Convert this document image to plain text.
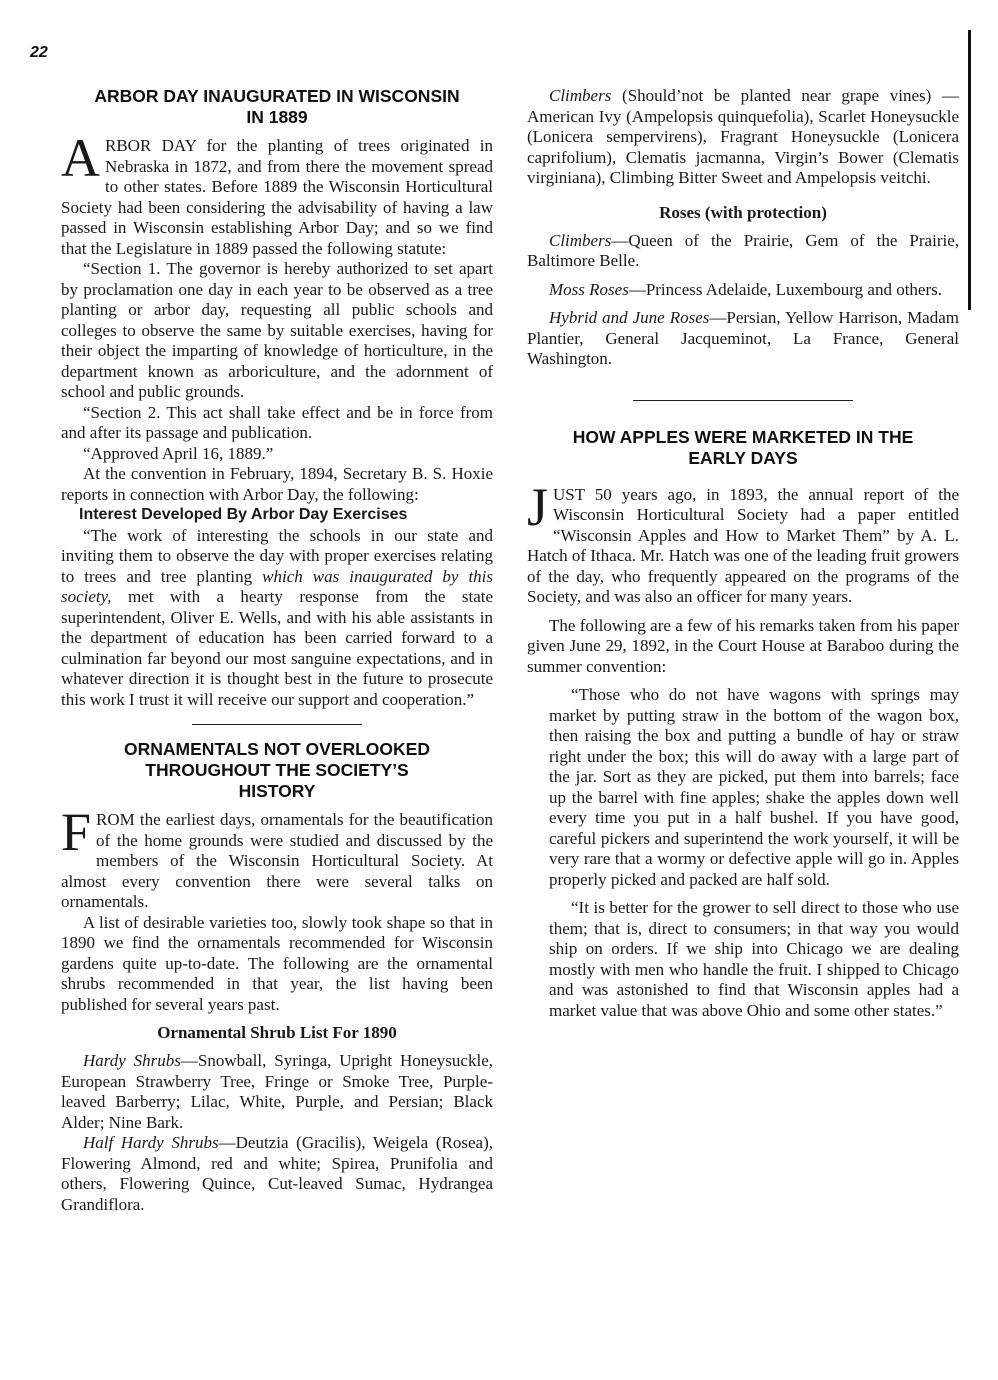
22
ARBOR DAY INAUGURATED IN WISCONSIN
IN 1889

ARBOR DAY for the planting of trees originated in Nebraska in 1872, and from there the movement spread to other states. Before 1889 the Wisconsin Horticultural Society had been considering the advisability of having a law passed in Wisconsin establishing Arbor Day; and so we find that the Legislature in 1889 passed the following statute:

“Section 1. The governor is hereby authorized to set apart by proclamation one day in each year to be observed as a tree planting or arbor day, requesting all public schools and colleges to observe the same by suitable exercises, having for their object the imparting of knowledge of horticulture, in the department known as arboriculture, and the adornment of school and public grounds.

“Section 2. This act shall take effect and be in force from and after its passage and publication.

“Approved April 16, 1889.”

At the convention in February, 1894, Secretary B. S. Hoxie reports in connection with Arbor Day, the following:

Interest Developed By Arbor Day Exercises

“The work of interesting the schools in our state and inviting them to observe the day with proper exercises relating to trees and tree planting which was inaugurated by this society, met with a hearty response from the state superintendent, Oliver E. Wells, and with his able assistants in the department of education has been carried forward to a culmination far beyond our most sanguine expectations, and in whatever direction it is thought best in the future to prosecute this work I trust it will receive our support and cooperation.”

ORNAMENTALS NOT OVERLOOKED
THROUGHOUT THE SOCIETY’S
HISTORY

FROM the earliest days, ornamentals for the beautification of the home grounds were studied and discussed by the members of the Wisconsin Horticultural Society. At almost every convention there were several talks on ornamentals.

A list of desirable varieties too, slowly took shape so that in 1890 we find the ornamentals recommended for Wisconsin gardens quite up-to-date. The following are the ornamental shrubs recommended in that year, the list having been published for several years past.

Ornamental Shrub List For 1890

Hardy Shrubs—Snowball, Syringa, Upright Honeysuckle, European Strawberry Tree, Fringe or Smoke Tree, Purple-leaved Barberry; Lilac, White, Purple, and Persian; Black Alder; Nine Bark.

Half Hardy Shrubs—Deutzia (Gracilis), Weigela (Rosea), Flowering Almond, red and white; Spirea, Prunifolia and others, Flowering Quince, Cut-leaved Sumac, Hydrangea Grandiflora.

Climbers (Should’not be planted near grape vines) —American Ivy (Ampelopsis quinquefolia), Scarlet Honeysuckle (Lonicera sempervirens), Fragrant Honeysuckle (Lonicera caprifolium), Clematis jacmanna, Virgin’s Bower (Clematis virginiana), Climbing Bitter Sweet and Ampelopsis veitchi.

Roses (with protection)

Climbers—Queen of the Prairie, Gem of the Prairie, Baltimore Belle.

Moss Roses—Princess Adelaide, Luxembourg and others.

Hybrid and June Roses—Persian, Yellow Harrison, Madam Plantier, General Jacqueminot, La France, General Washington.

HOW APPLES WERE MARKETED IN THE
EARLY DAYS

JUST 50 years ago, in 1893, the annual report of the Wisconsin Horticultural Society had a paper entitled “Wisconsin Apples and How to Market Them” by A. L. Hatch of Ithaca. Mr. Hatch was one of the leading fruit growers of the day, who frequently appeared on the programs of the Society, and was also an officer for many years.

The following are a few of his remarks taken from his paper given June 29, 1892, in the Court House at Baraboo during the summer convention:

“Those who do not have wagons with springs may market by putting straw in the bottom of the wagon box, then raising the box and putting a bundle of hay or straw right under the box; this will do away with a large part of the jar. Sort as they are picked, put them into barrels; face up the barrel with fine apples; shake the apples down well every time you put in a half bushel. If you have good, careful pickers and superintend the work yourself, it will be very rare that a wormy or defective apple will go in. Apples properly picked and packed are half sold.

“It is better for the grower to sell direct to those who use them; that is, direct to consumers; in that way you would ship on orders. If we ship into Chicago we are dealing mostly with men who handle the fruit. I shipped to Chicago and was astonished to find that Wisconsin apples had a market value that was above Ohio and some other states.”
